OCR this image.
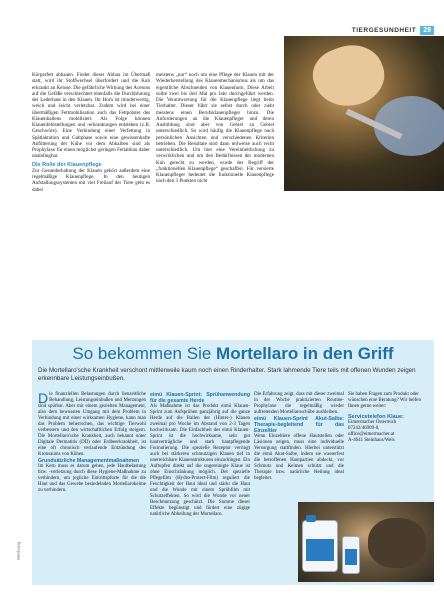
TIERGESUNDHEIT	29

Körperfett abbauen. Findet dieser Abbau im Übermaß statt, wird ihr Stoffwechsel überfordert und die Kuh erkrankt an Ketose. Die gefährliche Wirkung des Acetons auf die Gefäße verschlechtert ebenfalls die Durchblutung der Lederhaut in den Klauen. Ihr Horn ist minderwertig, weich und leicht verletzbar. Zudem wird bei einer übermäßigen Fettmobilisation auch das Fettpolster des Klauenballens mobilisiert. Als Folge können Klauenfehlstellungen und -erkrankungen entstehen (z.B. Geschwüre). Eine Verbindung einer Verfettung in Spätlaktation und Galtphase sowie eine gewissenhafte Anfütterung der Kühe vor dem Abkalben sind als Prophylaxe für einen möglichst geringen Fettabbau daher unabdingbar.

Die Rolle der Klauenpflege

Zur Gesunderhaltung der Klauen gehört außerdem eine regelmäßige Klauenpflege. In den heutigen Aufstallungssystemen mit viel Freilauf der Tiere geht es dabei

meistens „nur“ noch um eine Pflege der Klauen mit der Wiederherstellung des Klauenmechanismus als um das eigentliche Abschneiden von Klauenhorn. Diese Arbeit sollte zwei bis drei Mal pro Jahr durchgeführt werden. Die Verantwortung für die Klauenpflege liegt beim Tierhalter. Dieser führt sie selbst durch oder zieht meistens einen Berufsklauenpfleger hinzu. Die Anforderungen an die Klauenpfleger und deren Ausbildung sind aber von Gebiet zu Gebiet unterschiedlich. So wird häufig die Klauenpflege nach persönlichen Ansichten und verschiedenen Kriterien betrieben. Die Resultate sind dann teilweise auch recht unterschiedlich. Um hier eine Vereinheitlichung zu verwirklichen und um den Bedürfnissen der modernen Kuh gerecht zu werden, wurde der Begriff der „funktionellen Klauenpflege“ geschaffen. Für versierte Klauenpfleger bedeutet die funktionelle Klauenpflege nach den 3 Punkten nicht

So bekommen Sie Mortellaro in den Griff

Die Mortellaro'sche Krankheit verschont mittlerweile kaum noch einen Rinderhalter. Stark lahmende Tiere teils mit offenen Wunden zeigen erkennbare Leistungseinbußen.

Die finanziellen Belastungen durch lienzeitliche Behandlung, Leistungseinbußen und Merzungen sind spürbar. Aber mit einem gezielten Management, also dem bewussten Umgang mit dem Problem in Verbindung mit einer wirksamen Hygiene, kann man das Problem beherrschen, das wichtige Tierwohl verbessern und den wirtschaftlichen Erfolg steigern. Die Mortellaro'sche Krankheit, auch bekannt unter Digitale Dermatitis (DD) oder Erdbeerkrankheit, ist eine oft chronisch verlaufende Entzündung des Kronsaums von Kühen.

Grundsätzliche Managementmaßnahmen

Im Kern muss es darum gehen, jede Hautbelastung bzw. -verletzung durch diese Hygiene-Maßnahme zu verhindern, um jegliche Eintrittspforte für die die Haut und das Gewebe besiedelnden Mortellarokeime zu verhindern.

eimü Klauen-Sprint: Sprühanwendung für die gesamte Herde

Als Maßnahme ist das Produkt eimü Klauen-Sprint zum Aufsprühen ganzjährig auf die ganze Herde auf die Ballen der (Hinter-) Klauen zweimal pro Woche im Abstand von 2-3 Tagen hochwirksam. Die Einfachheit des eimü Klauen-Sprint ist die hochwirksame, sehr gut hautverträgliche und stark hautpflegende Formulierung. Die spezielle Rezeptur verringt auch bei stärkeren schmutzigen Klauen tief in unerreichbare Klauenstrukturen einzudringen. Ein Auftupfen direkt auf die ungereinigte Klaue ist ohne Einschränkung möglich. Der spezielle Pflegefilm (Hydro-Protect-Film) reguliert die Feuchtigkeit der Haut ideal und stärkt die Haut und die Wunde mit einem Sprühfilm mit Schutzeffekten. So wird die Wunde vor neuer Beschmutzung geschützt. Die Summe dieser Effekte begünstigt und fördert eine zügige natürliche Abheilung der Mortellaro.

Die Erfahrung zeigt, dass mit dieser zweimal in der Woche praktizierten Routine-Prophylaxe die regelmäßig wieder auftretenden Mortellaroschübe ausbleiben.

eimü Klauen-Sprint Akut-Salbe: Therapie-begleitend für das Einzeltier

Wenn Einzeltiere offene Hautstellen oder Läsionen zeigen, muss eine individuelle Versorgung stattfinden. Hierbei unterstützt die eimü Akut-Salbe, indem sie wasserfest die betroffenen Hautpartien abdeckt, vor Schmutz und Keimen schützt und die Therapie bzw. natürliche Heilung ideal begleitet.

Sie haben Fragen zum Produkt oder wünschen eine Beratung? Wir helfen Ihnen gerne weiter:

Servicetelefon Klaue:

Eimermacher Österreich

07242/46909-0,

office@eimermacher.at

A-4641 Steinhaus/Wels

Werbung
